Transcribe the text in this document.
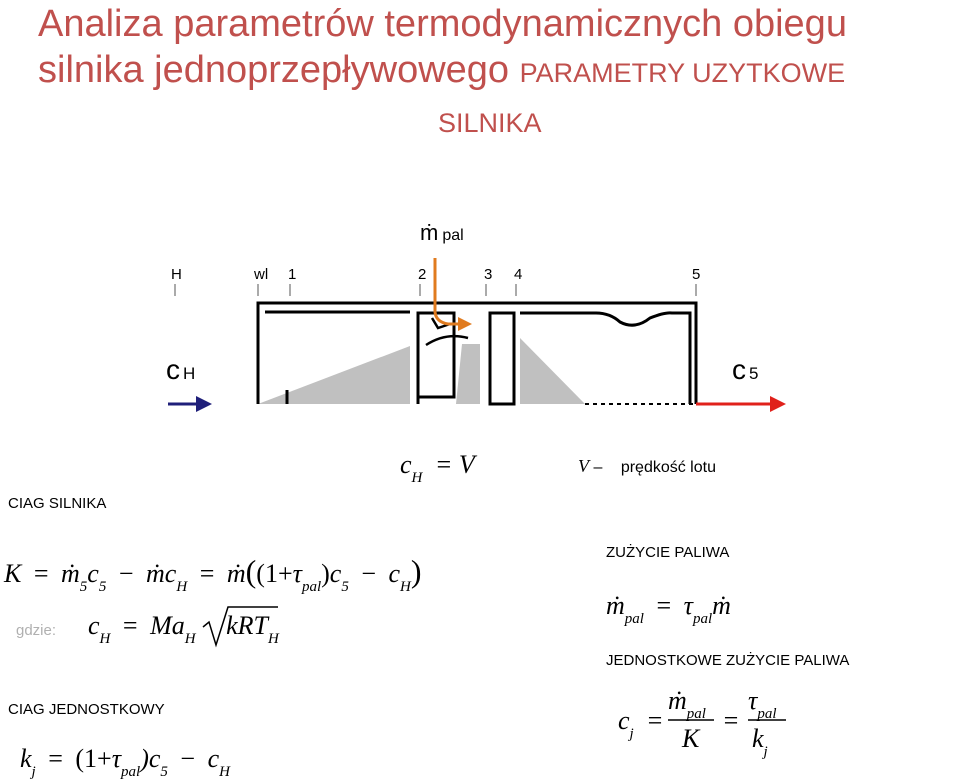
Analiza parametrów termodynamicznych obiegu
silnika jednoprzepływowego PARAMETRY UZYTKOWE
SILNIKA
ṁ pal
H	wl 1	2	3 4	5
c H	c 5
$c_H = V$	V – prędkość lotu
CIAG SILNIKA
$K = ṁ_5c_5$ − ṁc$_H$ = $ṁ((1+\tau_{pal})c_5 - c_H)$
gdzie: $c_H = Ma_H$ kRT$_H$
ZUŻYCIE PALIWA
ṁ$_{pal}$ = $\tau_{pal}ṁ$
JEDNOSTKOWE ZUŻYCIE PALIWA
$c_j$ =
ṁ$_{pal}$
K
=
$\tau_{pal}$
$k_j$
CIAG JEDNOSTKOWY
$k_j = (1+\tau_{pal})c_5 - c_H$
